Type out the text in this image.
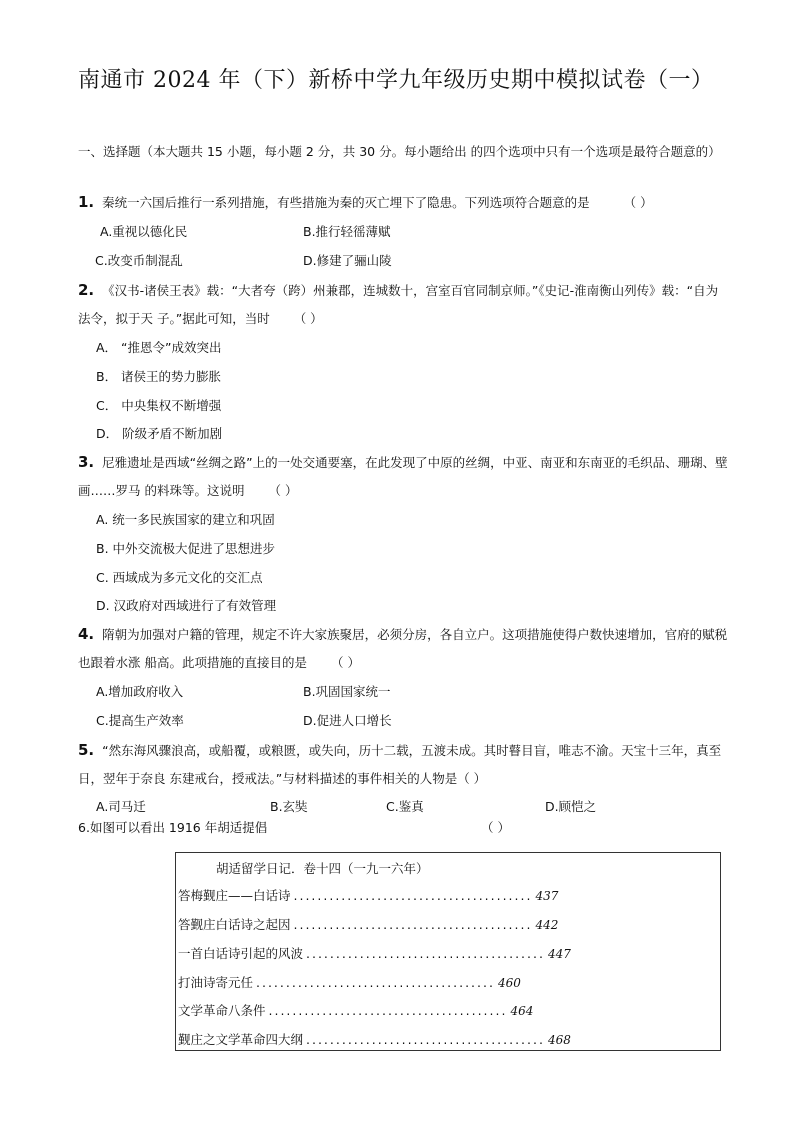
南通市 2024 年（下）新桥中学九年级历史期中模拟试卷（一）
一、选择题（本大题共 15 小题，每小题 2 分，共 30 分。每小题给出 的四个选项中只有一个选项是最符合题意的）
1. 秦统一六国后推行一系列措施，有些措施为秦的灭亡埋下了隐患。下列选项符合题意的是	（ ）
A.重视以德化民	B.推行轻徭薄赋
C.改变币制混乱	D.修建了骊山陵
2. 《汉书-诸侯王表》载：“大者夸（跨）州兼郡，连城数十，宫室百官同制京师。”《史记-淮南衡山列传》载：“自为法令，拟于天 子。”据此可知，当时 （ ）
A． “推恩令”成效突出
B． 诸侯王的势力膨胀
C． 中央集权不断增强
D． 阶级矛盾不断加剧
3. 尼雅遗址是西域“丝绸之路”上的一处交通要塞，在此发现了中原的丝绸，中亚、南亚和东南亚的毛织品、珊瑚、壁画……罗马 的料珠等。这说明 （ ）
A. 统一多民族国家的建立和巩固
B. 中外交流极大促进了思想进步
C. 西域成为多元文化的交汇点
D. 汉政府对西域进行了有效管理
4. 隋朝为加强对户籍的管理，规定不许大家族聚居，必须分房，各自立户。这项措施使得户数快速增加，官府的赋税也跟着水涨 船高。此项措施的直接目的是 （ ）
A.增加政府收入	B.巩固国家统一
C.提高生产效率	D.促进人口增长
5. “然东海风骤浪高，或船覆，或粮匮，或失向，历十二载，五渡未成。其时瞽目盲，唯志不渝。天宝十三年，真至日，翌年于奈良 东建戒台，授戒法。”与材料描述的事件相关的人物是（ ）
A.司马迁	B.玄奘	C.鉴真	D.顾恺之
6.如图可以看出 1916 年胡适提倡	（ ）
胡适留学日记．卷十四（一九一六年）
答梅觐庄——白话诗 ........................................ 437
答觐庄白话诗之起因 ........................................ 442
一首白话诗引起的风波 ........................................ 447
打油诗寄元任 ........................................ 460
文学革命八条件 ........................................ 464
觐庄之文学革命四大纲 ........................................ 468
